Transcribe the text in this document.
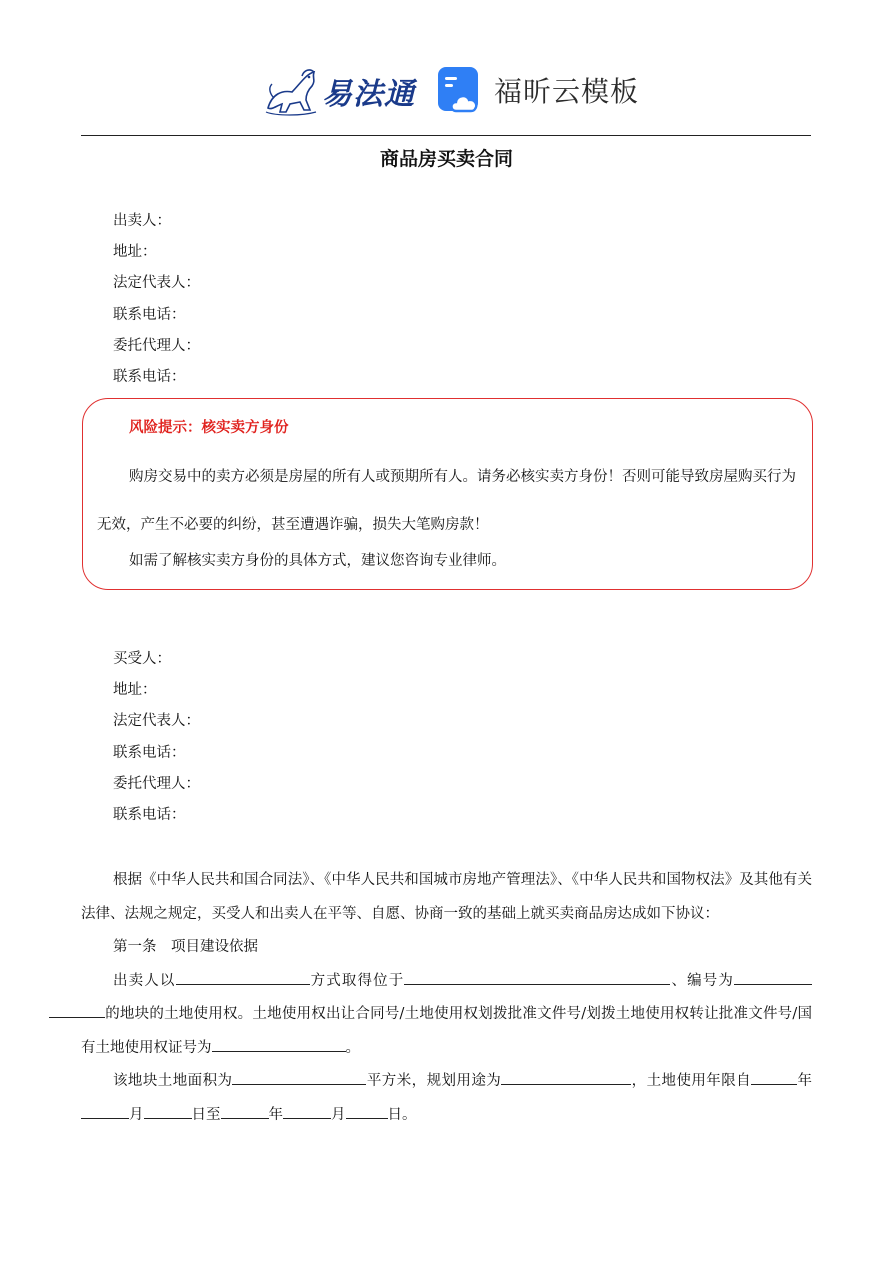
易法通	福昕云模板
商品房买卖合同
出卖人：
地址：
法定代表人：
联系电话：
委托代理人：
联系电话：
风险提示：核实卖方身份
购房交易中的卖方必须是房屋的所有人或预期所有人。请务必核实卖方身份！否则可能导致房屋购买行为无效，产生不必要的纠纷，甚至遭遇诈骗，损失大笔购房款！
如需了解核实卖方身份的具体方式，建议您咨询专业律师。
买受人：
地址：
法定代表人：
联系电话：
委托代理人：
联系电话：
根据《中华人民共和国合同法》、《中华人民共和国城市房地产管理法》、《中华人民共和国物权法》及其他有关法律、法规之规定，买受人和出卖人在平等、自愿、协商一致的基础上就买卖商品房达成如下协议：
第一条　项目建设依据
出卖人以	方式取得位于	、编号为的地块的土地使用权。土地使用权出让合同号/土地使用权划拨批准文件号/划拨土地使用权转让批准文件号/国有土地使用权证号为	。
该地块土地面积为	平方米，规划用途为	，土地使用年限自	年月	日至	年	月	日。
